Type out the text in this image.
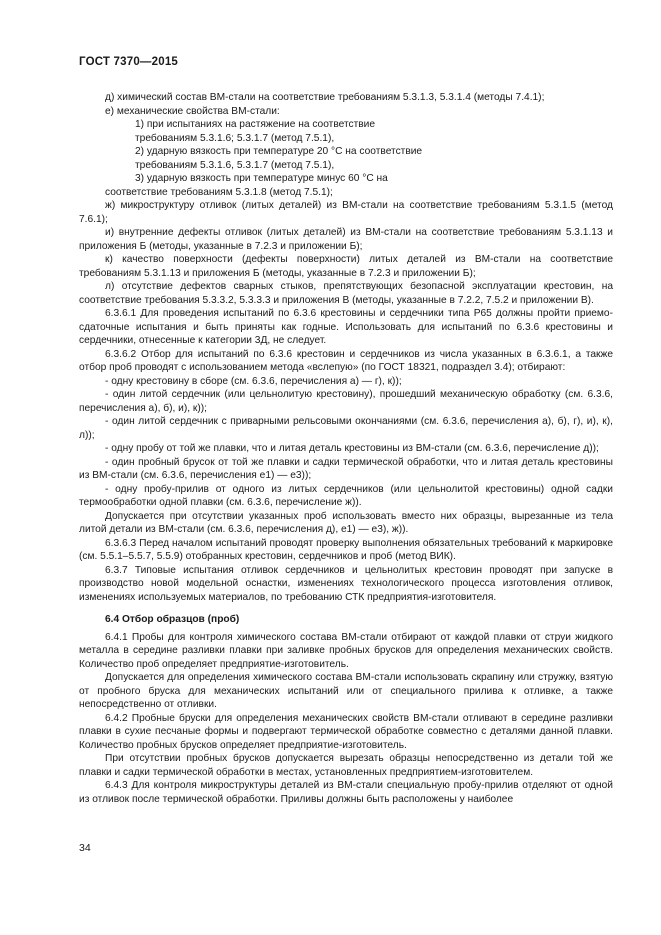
ГОСТ 7370—2015

д) химический состав ВМ-стали на соответствие требованиям 5.3.1.3, 5.3.1.4 (методы 7.4.1);

е) механические свойства ВМ-стали:

1) при испытаниях на растяжение на соответствие

требованиям 5.3.1.6; 5.3.1.7 (метод 7.5.1),

2) ударную вязкость при температуре 20 °С на соответствие

требованиям 5.3.1.6, 5.3.1.7 (метод 7.5.1),

3) ударную вязкость при температуре минус 60 °С на

соответствие требованиям 5.3.1.8 (метод 7.5.1);

ж) микроструктуру отливок (литых деталей) из ВМ-стали на соответствие требованиям 5.3.1.5 (метод 7.6.1);

и) внутренние дефекты отливок (литых деталей) из ВМ-стали на соответствие требованиям 5.3.1.13 и приложения Б (методы, указанные в 7.2.3 и приложении Б);

к) качество поверхности (дефекты поверхности) литых деталей из ВМ-стали на соответствие требованиям 5.3.1.13 и приложения Б (методы, указанные в 7.2.3 и приложении Б);

л) отсутствие дефектов сварных стыков, препятствующих безопасной эксплуатации крестовин, на соответствие требования 5.3.3.2, 5.3.3.3 и приложения В (методы, указанные в 7.2.2, 7.5.2 и приложении В).

6.3.6.1 Для проведения испытаний по 6.3.6 крестовины и сердечники типа Р65 должны пройти приемо-сдаточные испытания и быть приняты как годные. Использовать для испытаний по 6.3.6 крестовины и сердечники, отнесенные к категории 3Д, не следует.

6.3.6.2 Отбор для испытаний по 6.3.6 крестовин и сердечников из числа указанных в 6.3.6.1, а также отбор проб проводят с использованием метода «вслепую» (по ГОСТ 18321, подраздел 3.4); отбирают:

- одну крестовину в сборе (см. 6.3.6, перечисления а) — г), к));

- один литой сердечник (или цельнолитую крестовину), прошедший механическую обработку (см. 6.3.6, перечисления а), б), и), к));

- один литой сердечник с приварными рельсовыми окончаниями (см. 6.3.6, перечисления а), б), г), и), к), л));

- одну пробу от той же плавки, что и литая деталь крестовины из ВМ-стали (см. 6.3.6, перечисление д));

- один пробный брусок от той же плавки и садки термической обработки, что и литая деталь крестовины из ВМ-стали (см. 6.3.6, перечисления е1) — е3));

- одну пробу-прилив от одного из литых сердечников (или цельнолитой крестовины) одной садки термообработки одной плавки (см. 6.3.6, перечисление ж)).

Допускается при отсутствии указанных проб использовать вместо них образцы, вырезанные из тела литой детали из ВМ-стали (см. 6.3.6, перечисления д), е1) — е3), ж)).

6.3.6.3 Перед началом испытаний проводят проверку выполнения обязательных требований к маркировке (см. 5.5.1–5.5.7, 5.5.9) отобранных крестовин, сердечников и проб (метод ВИК).

6.3.7 Типовые испытания отливок сердечников и цельнолитых крестовин проводят при запуске в производство новой модельной оснастки, изменениях технологического процесса изготовления отливок, изменениях используемых материалов, по требованию СТК предприятия-изготовителя.

6.4 Отбор образцов (проб)

6.4.1 Пробы для контроля химического состава ВМ-стали отбирают от каждой плавки от струи жидкого металла в середине разливки плавки при заливке пробных брусков для определения механических свойств. Количество проб определяет предприятие-изготовитель.

Допускается для определения химического состава ВМ-стали использовать скрапину или стружку, взятую от пробного бруска для механических испытаний или от специального прилива к отливке, а также непосредственно от отливки.

6.4.2 Пробные бруски для определения механических свойств ВМ-стали отливают в середине разливки плавки в сухие песчаные формы и подвергают термической обработке совместно с деталями данной плавки. Количество пробных брусков определяет предприятие-изготовитель.

При отсутствии пробных брусков допускается вырезать образцы непосредственно из детали той же плавки и садки термической обработки в местах, установленных предприятием-изготовителем.

6.4.3 Для контроля микроструктуры деталей из ВМ-стали специальную пробу-прилив отделяют от одной из отливок после термической обработки. Приливы должны быть расположены у наиболее

34
